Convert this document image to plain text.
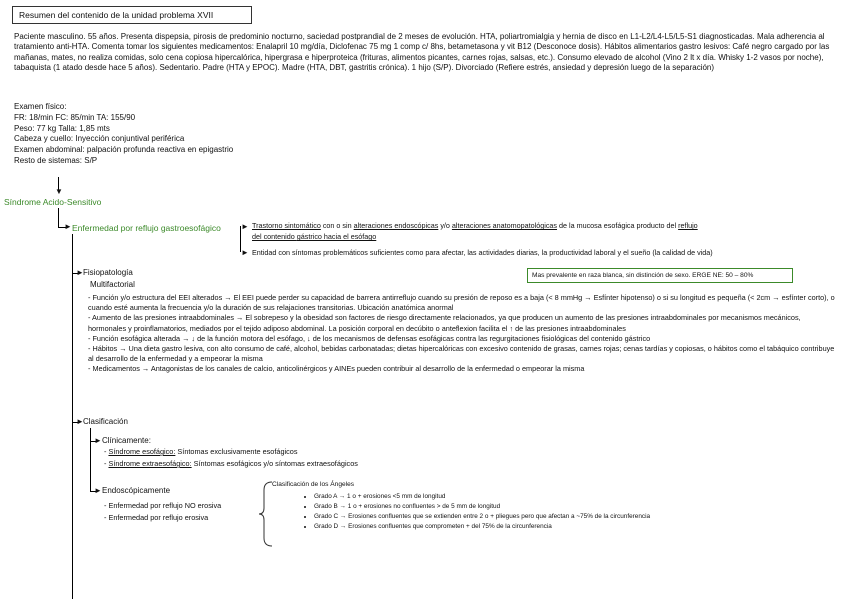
Resumen del contenido de la unidad problema XVII
Paciente masculino. 55 años. Presenta dispepsia, pirosis de predominio nocturno, saciedad postprandial de 2 meses de evolución. HTA, poliartromialgia y hernia de disco en L1-L2/L4-L5/L5-S1 diagnosticadas. Mala adherencia al tratamiento anti-HTA. Comenta tomar los siguientes medicamentos: Enalapril 10 mg/día, Diclofenac 75 mg 1 comp c/ 8hs, betametasona y vit B12 (Desconoce dosis). Hábitos alimentarios gastro lesivos: Café negro cargado por las mañanas, mates, no realiza comidas, solo cena copiosa hipercalórica, hipergrasa e hiperproteica (frituras, alimentos picantes, carnes rojas, salsas, etc.). Consumo elevado de alcohol (Vino 2 lt x día. Whisky 1-2 vasos por noche), tabaquista (1 atado desde hace 5 años). Sedentario. Padre (HTA y EPOC). Madre (HTA, DBT, gastritis crónica). 1 hijo (S/P). Divorciado (Refiere estrés, ansiedad y depresión luego de la separación)
Examen físico:
FR: 18/min FC: 85/min TA: 155/90
Peso: 77 kg Talla: 1,85 mts
Cabeza y cuello: Inyección conjuntival periférica
Examen abdominal: palpación profunda reactiva en epigastrio
Resto de sistemas: S/P
▼
Síndrome Acido-Sensitivo
► Enfermedad por reflujo gastroesofágico	►
►
Trastorno sintomático con o sin alteraciones endoscópicas y/o alteraciones anatomopatológicas de la mucosa esofágica producto del reflujo
del contenido gástrico hacia el esófago
Entidad con síntomas problemáticos suficientes como para afectar, las actividades diarias, la productividad laboral y el sueño (la calidad de vida)
Mas prevalente en raza blanca, sin distinción de sexo. ERGE NE: 50 – 80%
► Fisiopatología
Multifactorial
- Función y/o estructura del EEI alterados → El EEI puede perder su capacidad de barrera antirreflujo cuando su presión de reposo es a baja (< 8 mmHg → Esfínter hipotenso) o si su longitud es pequeña (< 2cm → esfínter corto), o cuando esté aumenta la frecuencia y/o la duración de sus relajaciones transitorias. Ubicación anatómica anormal
- Aumento de las presiones intraabdominales → El sobrepeso y la obesidad son factores de riesgo directamente relacionados, ya que producen un aumento de las presiones intraabdominales por mecanismos mecánicos, hormonales y proinflamatorios, mediados por el tejido adiposo abdominal. La posición corporal en decúbito o anteflexion facilita el ↑ de las presiones intraabdominales
- Función esofágica alterada → ↓ de la función motora del esófago, ↓ de los mecanismos de defensas esofágicas contra las regurgitaciones fisiológicas del contenido gástrico
- Hábitos → Una dieta gastro lesiva, con alto consumo de café, alcohol, bebidas carbonatadas; dietas hipercalóricas con excesivo contenido de grasas, carnes rojas; cenas tardías y copiosas, o hábitos como el tabáquico contribuye al desarrollo de la enfermedad y a empeorar la misma
- Medicamentos → Antagonistas de los canales de calcio, anticolinérgicos y AINEs pueden contribuir al desarrollo de la enfermedad o empeorar la misma
► Clasificación
► Clínicamente:
- Síndrome esofágico: Síntomas exclusivamente esofágicos
- Síndrome extraesofágico: Síntomas esofágicos y/o síntomas extraesofágicos
► Endoscópicamente
- Enfermedad por reflujo NO erosiva
- Enfermedad por reflujo erosiva
Clasificación de los Ángeles
• Grado A → 1 o + erosiones <5 mm de longitud
• Grado B → 1 o + erosiones no confluentes > de 5 mm de longitud
• Grado C → Erosiones confluentes que se extienden entre 2 o + pliegues pero que afectan a ~75% de la circunferencia
• Grado D → Erosiones confluentes que comprometen + del 75% de la circunferencia
